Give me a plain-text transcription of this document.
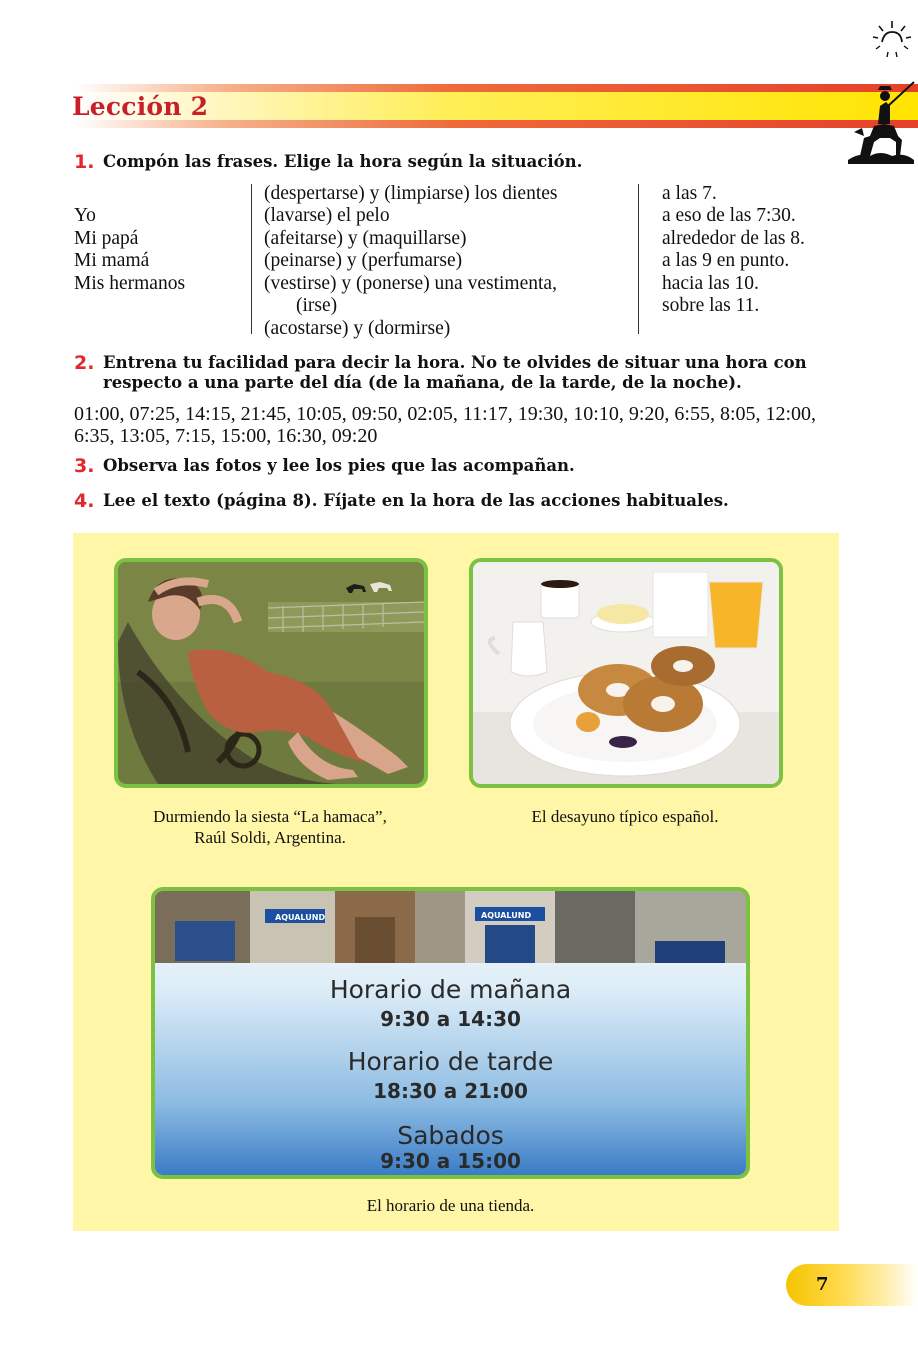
Lección 2
1. Compón las frases. Elige la hora según la situación.
Yo
Mi papá
Mi mamá
Mis hermanos
(despertarse) y (limpiarse) los dientes
(lavarse) el pelo
(afeitarse) y (maquillarse)
(peinarse) y (perfumarse)
(vestirse) y (ponerse) una vestimenta,
(irse)
(acostarse) y (dormirse)
a las 7.
a eso de las 7:30.
alrededor de las 8.
a las 9 en punto.
hacia las 10.
sobre las 11.
2. Entrena tu facilidad para decir la hora. No te olvides de situar una hora con respecto a una parte del día (de la mañana, de la tarde, de la noche).
01:00, 07:25, 14:15, 21:45, 10:05, 09:50, 02:05, 11:17, 19:30, 10:10, 9:20, 6:55, 8:05, 12:00, 6:35, 13:05, 7:15, 15:00, 16:30, 09:20
3. Observa las fotos y lee los pies que las acompañan.
4. Lee el texto (página 8). Fíjate en la hora de las acciones habituales.
Durmiendo la siesta “La hamaca”,
Raúl Soldi, Argentina.
El desayuno típico español.
AQUALUND	AQUALUND
Horario de mañana
9:30 a 14:30
Horario de tarde
18:30 a 21:00
Sabados
9:30 a 15:00
El horario de una tienda.
7
